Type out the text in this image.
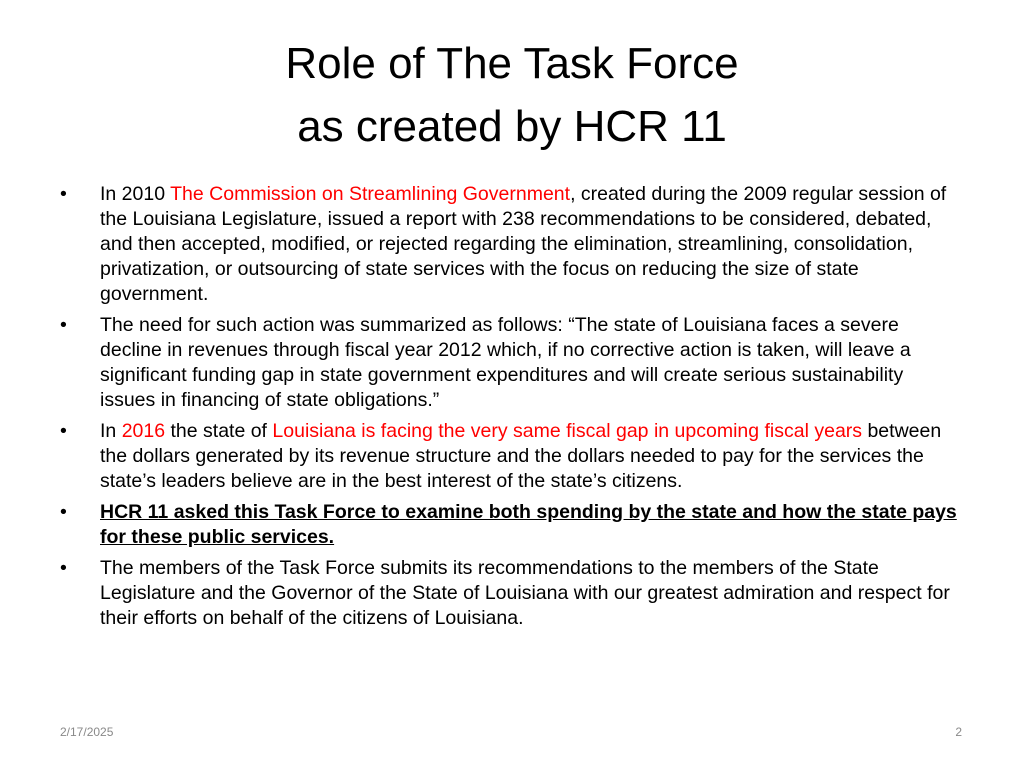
Role of The Task Force
as created by HCR 11
•	In 2010 The Commission on Streamlining Government, created during the 2009 regular session of the Louisiana Legislature, issued a report with 238 recommendations to be considered, debated, and then accepted, modified, or rejected regarding the elimination, streamlining, consolidation, privatization, or outsourcing of state services with the focus on reducing the size of state government.
•	The need for such action was summarized as follows: “The state of Louisiana faces a severe decline in revenues through fiscal year 2012 which, if no corrective action is taken, will leave a significant funding gap in state government expenditures and will create serious sustainability issues in financing of state obligations.”
•	In 2016 the state of Louisiana is facing the very same fiscal gap in upcoming fiscal years between the dollars generated by its revenue structure and the dollars needed to pay for the services the state’s leaders believe are in the best interest of the state’s citizens.
•	HCR 11 asked this Task Force to examine both spending by the state and how the state pays for these public services.
•	The members of the Task Force submits its recommendations to the members of the State Legislature and the Governor of the State of Louisiana with our greatest admiration and respect for their efforts on behalf of the citizens of Louisiana.
2/17/2025	2
